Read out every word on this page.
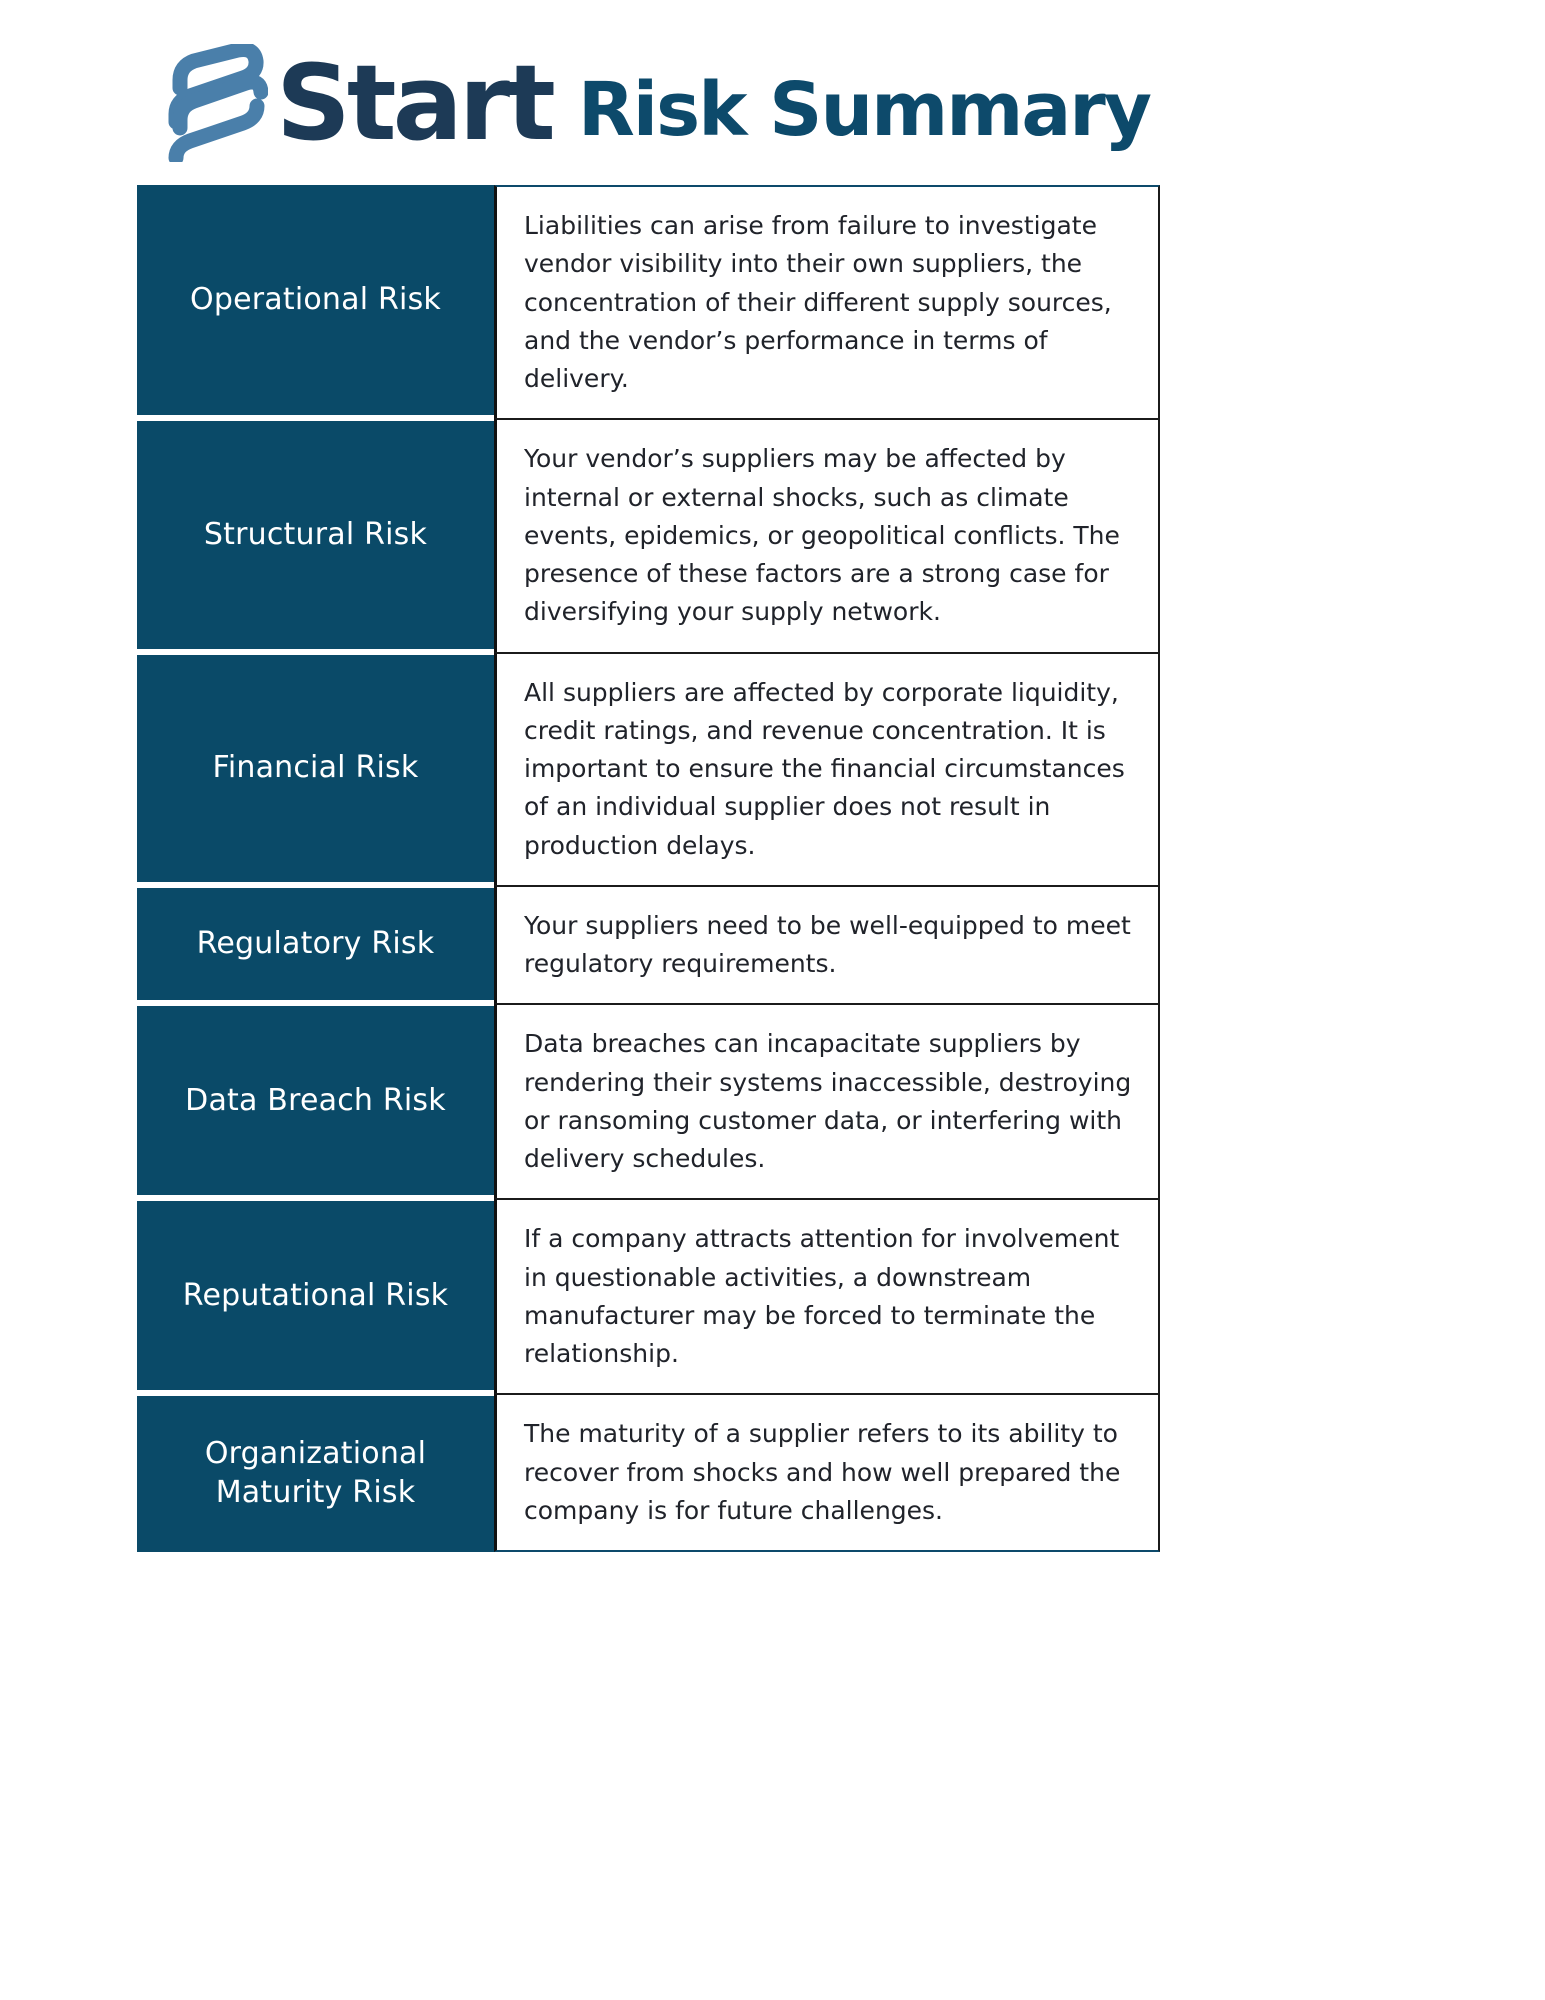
Start Risk Summary
Operational Risk	Liabilities can arise from failure to investigate vendor visibility into their own suppliers, the concentration of their different supply sources, and the vendor’s performance in terms of delivery.

Structural Risk	Your vendor’s suppliers may be affected by internal or external shocks, such as climate events, epidemics, or geopolitical conflicts. The presence of these factors are a strong case for diversifying your supply network.

Financial Risk	All suppliers are affected by corporate liquidity, credit ratings, and revenue concentration. It is important to ensure the financial circumstances of an individual supplier does not result in production delays.

Regulatory Risk	Your suppliers need to be well-equipped to meet regulatory requirements.

Data Breach Risk	Data breaches can incapacitate suppliers by rendering their systems inaccessible, destroying or ransoming customer data, or interfering with delivery schedules.

Reputational Risk	If a company attracts attention for involvement in questionable activities, a downstream manufacturer may be forced to terminate the relationship.

Organizational
Maturity Risk	The maturity of a supplier refers to its ability to recover from shocks and how well prepared the company is for future challenges.
